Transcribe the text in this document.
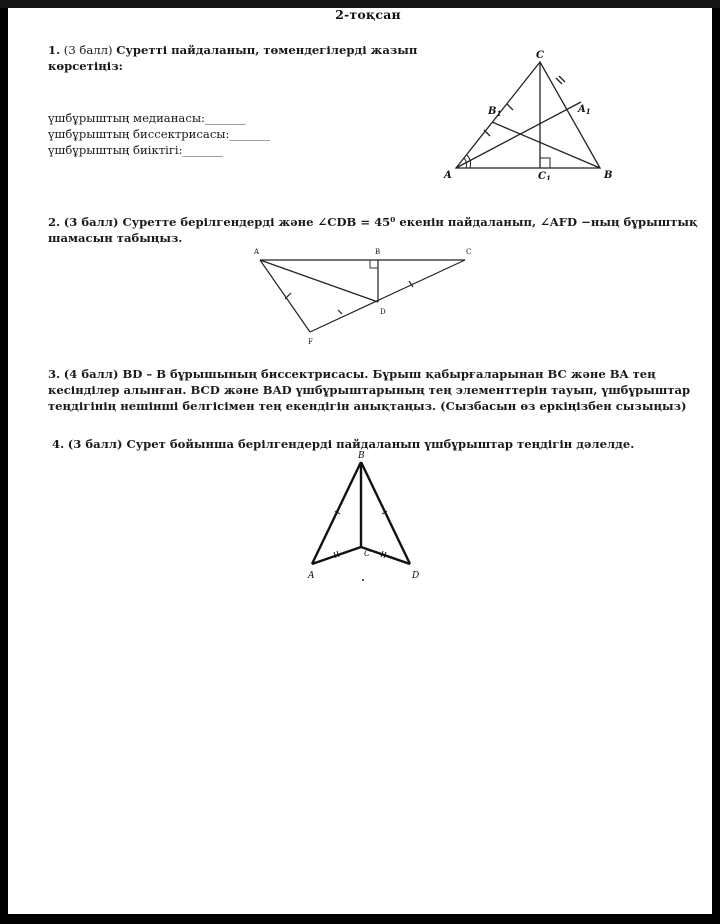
2-тоқсан
1. (3 балл) Суретті пайдаланып, төмендегілерді жазып
көрсетіңіз:
үшбұрыштың медианасы:_______
үшбұрыштың биссектрисасы:_______
үшбұрыштың биіктігі:_______
A	B
C
$B_1$	$A_1$
$C_1$
2. (3 балл) Суретте берілгендерді және ∠CDB = 45⁰ екенін пайдаланып, ∠AFD −ның бұрыштық
шамасын табыңыз.
A	B	C
D
F
3. (4 балл) BD – B бұрышының биссектрисасы. Бұрыш қабырғаларынан BC және BA тең
кесінділер алынған. BCD және BAD үшбұрыштарының тең элементтерін тауып, үшбұрыштар
теңдігінің нешінші белгісімен тең екендігін анықтаңыз. (Сызбасын өз еркіңізбен сызыңыз)
4. (3 балл) Сурет бойынша берілгендерді пайдаланып үшбұрыштар теңдігін дәлелде.
B
A
C
D
